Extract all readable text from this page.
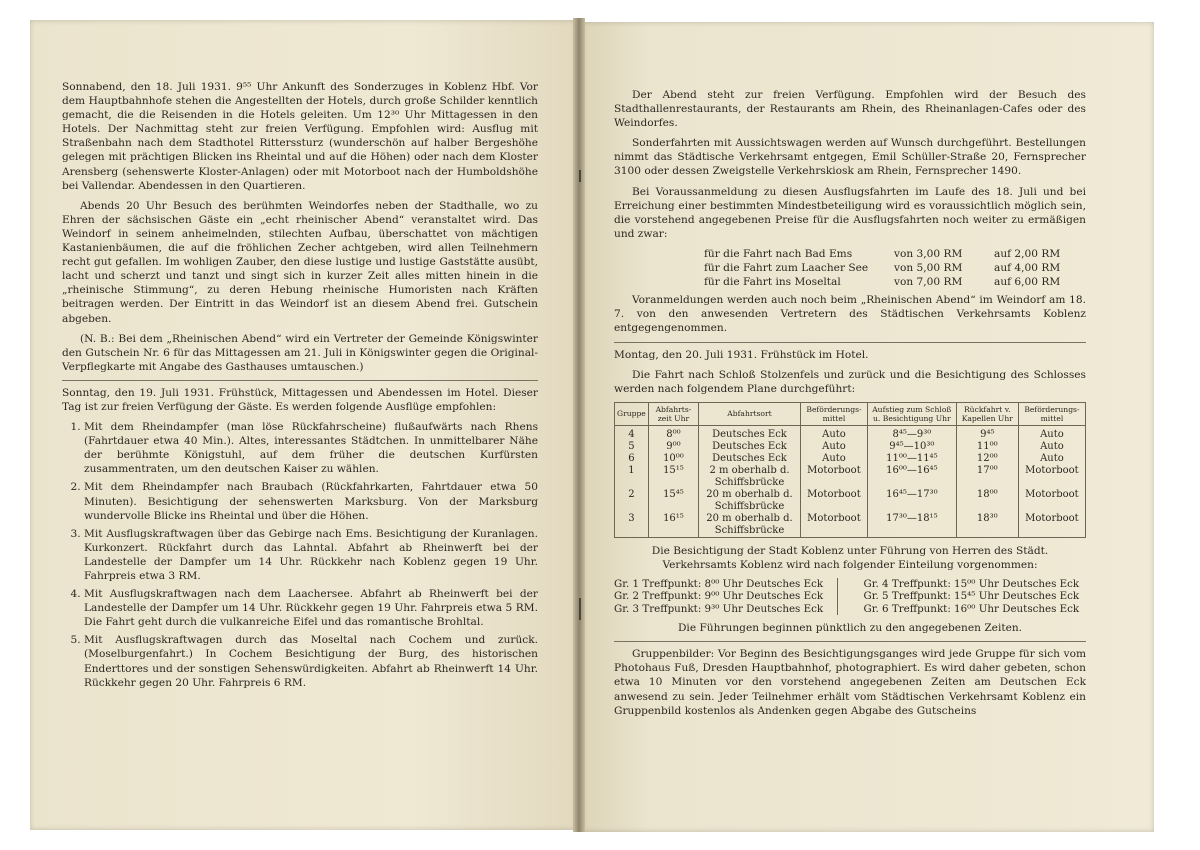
Sonnabend, den 18. Juli 1931. 9⁵⁵ Uhr Ankunft des Sonderzuges in Koblenz Hbf. Vor dem Hauptbahnhofe stehen die Angestellten der Hotels, durch große Schilder kenntlich gemacht, die die Reisenden in die Hotels geleiten. Um 12³⁰ Uhr Mittagessen in den Hotels. Der Nachmittag steht zur freien Verfügung. Empfohlen wird: Ausflug mit Straßenbahn nach dem Stadthotel Ritterssturz (wunderschön auf halber Bergeshöhe gelegen mit prächtigen Blicken ins Rheintal und auf die Höhen) oder nach dem Kloster Arensberg (sehenswerte Kloster-Anlagen) oder mit Motorboot nach der Humboldshöhe bei Vallendar. Abendessen in den Quartieren.

Abends 20 Uhr Besuch des berühmten Weindorfes neben der Stadthalle, wo zu Ehren der sächsischen Gäste ein „echt rheinischer Abend“ veranstaltet wird. Das Weindorf in seinem anheimelnden, stilechten Aufbau, überschattet von mächtigen Kastanienbäumen, die auf die fröhlichen Zecher achtgeben, wird allen Teilnehmern recht gut gefallen. Im wohligen Zauber, den diese lustige und lustige Gaststätte ausübt, lacht und scherzt und tanzt und singt sich in kurzer Zeit alles mitten hinein in die „rheinische Stimmung“, zu deren Hebung rheinische Humoristen nach Kräften beitragen werden. Der Eintritt in das Weindorf ist an diesem Abend frei. Gutschein abgeben.

(N. B.: Bei dem „Rheinischen Abend“ wird ein Vertreter der Gemeinde Königswinter den Gutschein Nr. 6 für das Mittagessen am 21. Juli in Königswinter gegen die Original-Verpflegkarte mit Angabe des Gasthauses umtauschen.)

Sonntag, den 19. Juli 1931. Frühstück, Mittagessen und Abendessen im Hotel. Dieser Tag ist zur freien Verfügung der Gäste. Es werden folgende Ausflüge empfohlen:

1. Mit dem Rheindampfer (man löse Rückfahrscheine) flußaufwärts nach Rhens (Fahrtdauer etwa 40 Min.). Altes, interessantes Städtchen. In unmittelbarer Nähe der berühmte Königstuhl, auf dem früher die deutschen Kurfürsten zusammentraten, um den deutschen Kaiser zu wählen.
2. Mit dem Rheindampfer nach Braubach (Rückfahrkarten, Fahrtdauer etwa 50 Minuten). Besichtigung der sehenswerten Marksburg. Von der Marksburg wundervolle Blicke ins Rheintal und über die Höhen.
3. Mit Ausflugskraftwagen über das Gebirge nach Ems. Besichtigung der Kuranlagen. Kurkonzert. Rückfahrt durch das Lahntal. Abfahrt ab Rheinwerft bei der Landestelle der Dampfer um 14 Uhr. Rückkehr nach Koblenz gegen 19 Uhr. Fahrpreis etwa 3 RM.
4. Mit Ausflugskraftwagen nach dem Laachersee. Abfahrt ab Rheinwerft bei der Landestelle der Dampfer um 14 Uhr. Rückkehr gegen 19 Uhr. Fahrpreis etwa 5 RM. Die Fahrt geht durch die vulkanreiche Eifel und das romantische Brohltal.
5. Mit Ausflugskraftwagen durch das Moseltal nach Cochem und zurück. (Moselburgenfahrt.) In Cochem Besichtigung der Burg, des historischen Enderttores und der sonstigen Sehenswürdigkeiten. Abfahrt ab Rheinwerft 14 Uhr. Rückkehr gegen 20 Uhr. Fahrpreis 6 RM.

Der Abend steht zur freien Verfügung. Empfohlen wird der Besuch des Stadthallenrestaurants, der Restaurants am Rhein, des Rheinanlagen-Cafes oder des Weindorfes.

Sonderfahrten mit Aussichtswagen werden auf Wunsch durchgeführt. Bestellungen nimmt das Städtische Verkehrsamt entgegen, Emil Schüller-Straße 20, Fernsprecher 3100 oder dessen Zweigstelle Verkehrskiosk am Rhein, Fernsprecher 1490.

Bei Voraussanmeldung zu diesen Ausflugsfahrten im Laufe des 18. Juli und bei Erreichung einer bestimmten Mindestbeteiligung wird es voraussichtlich möglich sein, die vorstehend angegebenen Preise für die Ausflugsfahrten noch weiter zu ermäßigen und zwar:

für die Fahrt nach Bad Ems	von 3,00 RM	auf 2,00 RM
für die Fahrt zum Laacher See	von 5,00 RM	auf 4,00 RM
für die Fahrt ins Moseltal	von 7,00 RM	auf 6,00 RM

Voranmeldungen werden auch noch beim „Rheinischen Abend“ im Weindorf am 18. 7. von den anwesenden Vertretern des Städtischen Verkehrsamts Koblenz entgegengenommen.

Montag, den 20. Juli 1931. Frühstück im Hotel.

Die Fahrt nach Schloß Stolzenfels und zurück und die Besichtigung des Schlosses werden nach folgendem Plane durchgeführt:

Gruppe	Abfahrts-zeit Uhr	Abfahrtsort	Beförderungs-mittel	Aufstieg zum Schloß u. Besichtigung Uhr	Rückfahrt v. Kapellen Uhr	Beförderungs-mittel
4	8⁰⁰	Deutsches Eck	Auto	8⁴⁵—9³⁰	9⁴⁵	Auto
5	9⁰⁰	Deutsches Eck	Auto	9⁴⁵—10³⁰	11⁰⁰	Auto
6	10⁰⁰	Deutsches Eck	Auto	11⁰⁰—11⁴⁵	12⁰⁰	Auto
1	15¹⁵	2 m oberhalb d. Schiffsbrücke	Motorboot	16⁰⁰—16⁴⁵	17⁰⁰	Motorboot
2	15⁴⁵	20 m oberhalb d. Schiffsbrücke	Motorboot	16⁴⁵—17³⁰	18⁰⁰	Motorboot
3	16¹⁵	20 m oberhalb d. Schiffsbrücke	Motorboot	17³⁰—18¹⁵	18³⁰	Motorboot

Die Besichtigung der Stadt Koblenz unter Führung von Herren des Städt. Verkehrsamts Koblenz wird nach folgender Einteilung vorgenommen:

Gr. 1 Treffpunkt: 8⁰⁰ Uhr Deutsches Eck
Gr. 2 Treffpunkt: 9⁰⁰ Uhr Deutsches Eck
Gr. 3 Treffpunkt: 9³⁰ Uhr Deutsches Eck
Gr. 4 Treffpunkt: 15⁰⁰ Uhr Deutsches Eck
Gr. 5 Treffpunkt: 15⁴⁵ Uhr Deutsches Eck
Gr. 6 Treffpunkt: 16⁰⁰ Uhr Deutsches Eck

Die Führungen beginnen pünktlich zu den angegebenen Zeiten.

Gruppenbilder: Vor Beginn des Besichtigungsganges wird jede Gruppe für sich vom Photohaus Fuß, Dresden Hauptbahnhof, photographiert. Es wird daher gebeten, schon etwa 10 Minuten vor den vorstehend angegebenen Zeiten am Deutschen Eck anwesend zu sein. Jeder Teilnehmer erhält vom Städtischen Verkehrsamt Koblenz ein Gruppenbild kostenlos als Andenken gegen Abgabe des Gutscheins
